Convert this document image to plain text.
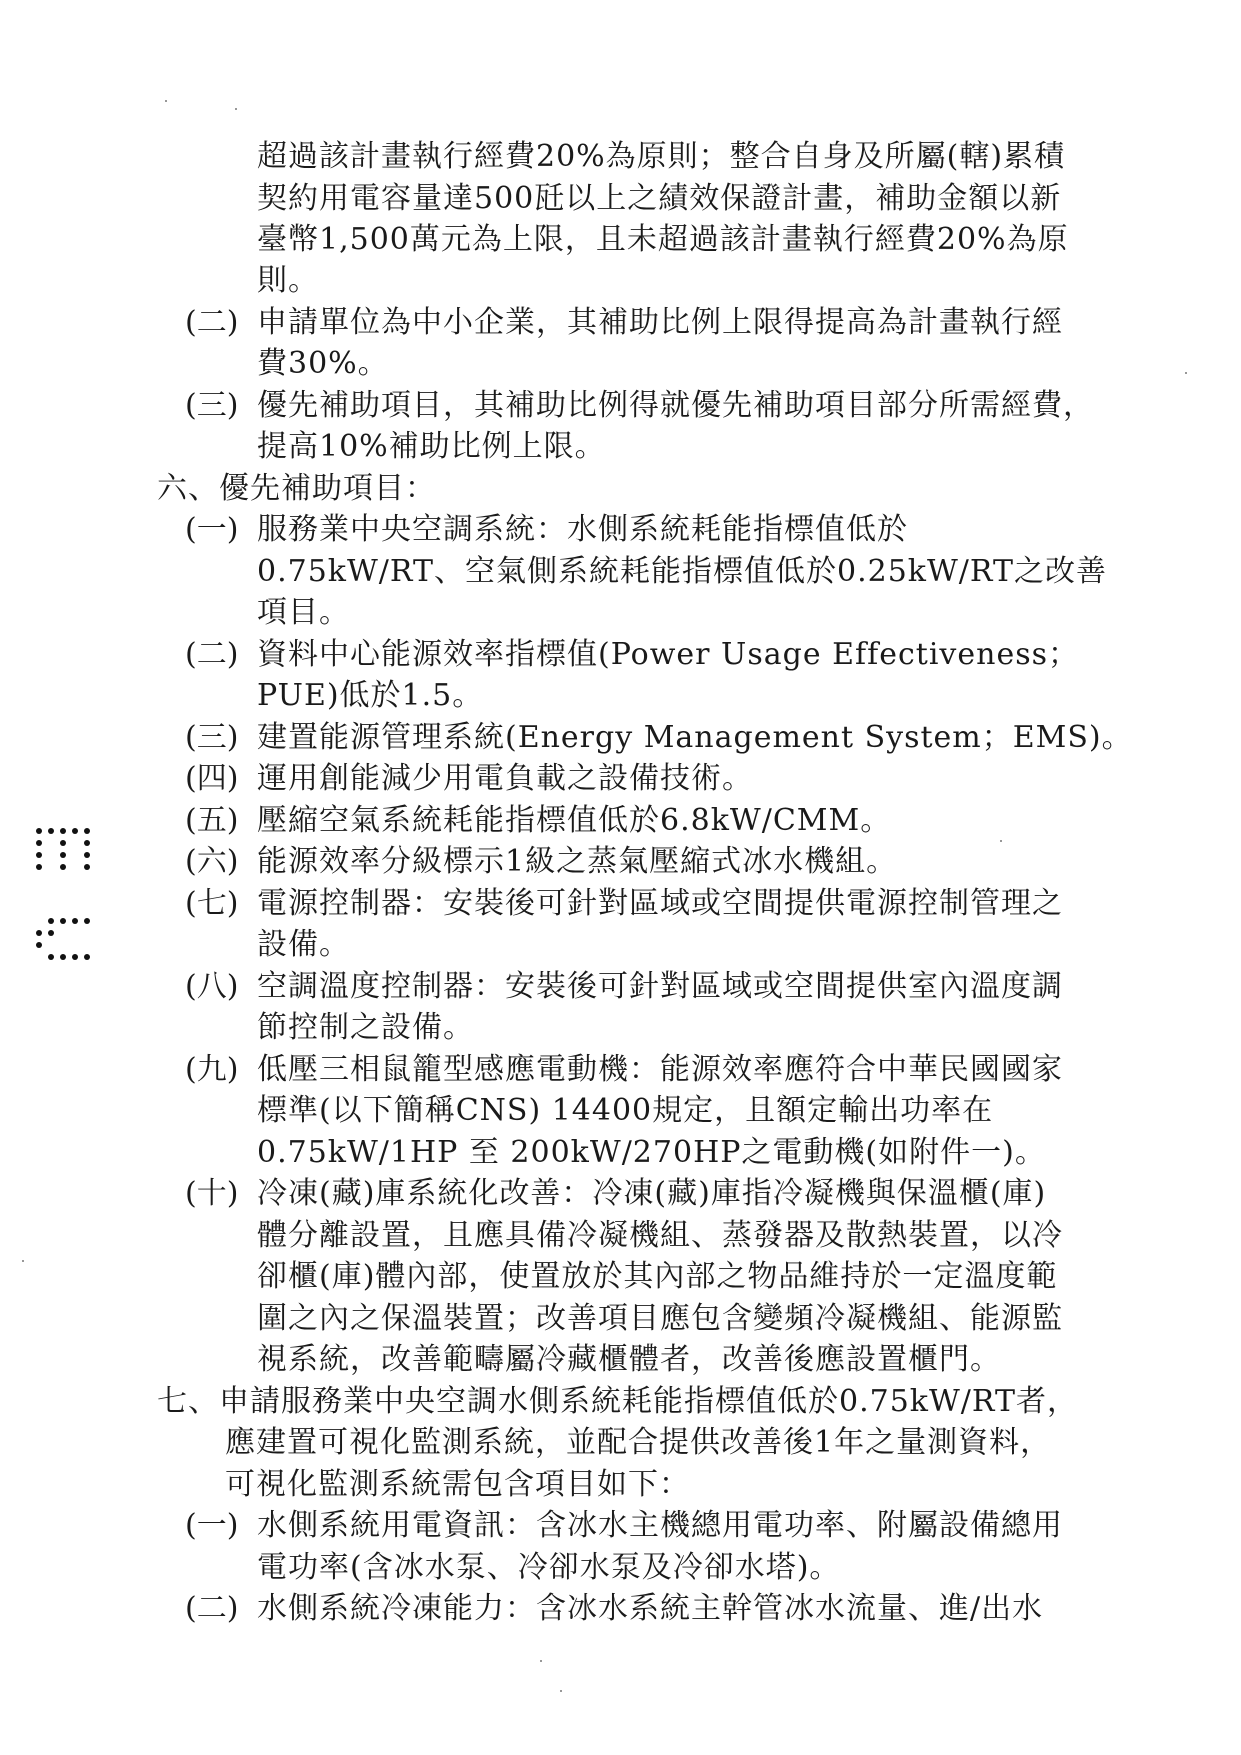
超過該計畫執行經費20%為原則；整合自身及所屬(轄)累積
契約用電容量達500瓩以上之績效保證計畫，補助金額以新
臺幣1,500萬元為上限，且未超過該計畫執行經費20%為原
則。
(二) 申請單位為中小企業，其補助比例上限得提高為計畫執行經
費30%。
(三) 優先補助項目，其補助比例得就優先補助項目部分所需經費，
提高10%補助比例上限。
六、優先補助項目：
(一) 服務業中央空調系統：水側系統耗能指標值低於
0.75kW/RT、空氣側系統耗能指標值低於0.25kW/RT之改善
項目。
(二) 資料中心能源效率指標值(Power Usage Effectiveness；
PUE)低於1.5。
(三) 建置能源管理系統(Energy Management System；EMS)。
(四) 運用創能減少用電負載之設備技術。
(五) 壓縮空氣系統耗能指標值低於6.8kW/CMM。
(六) 能源效率分級標示1級之蒸氣壓縮式冰水機組。
(七) 電源控制器：安裝後可針對區域或空間提供電源控制管理之
設備。
(八) 空調溫度控制器：安裝後可針對區域或空間提供室內溫度調
節控制之設備。
(九) 低壓三相鼠籠型感應電動機：能源效率應符合中華民國國家
標準(以下簡稱CNS) 14400規定，且額定輸出功率在
0.75kW/1HP 至 200kW/270HP之電動機(如附件一)。
(十) 冷凍(藏)庫系統化改善：冷凍(藏)庫指冷凝機與保溫櫃(庫)
體分離設置，且應具備冷凝機組、蒸發器及散熱裝置，以冷
卻櫃(庫)體內部，使置放於其內部之物品維持於一定溫度範
圍之內之保溫裝置；改善項目應包含變頻冷凝機組、能源監
視系統，改善範疇屬冷藏櫃體者，改善後應設置櫃門。
七、申請服務業中央空調水側系統耗能指標值低於0.75kW/RT者，
應建置可視化監測系統，並配合提供改善後1年之量測資料，
可視化監測系統需包含項目如下：
(一) 水側系統用電資訊：含冰水主機總用電功率、附屬設備總用
電功率(含冰水泵、冷卻水泵及冷卻水塔)。
(二) 水側系統冷凍能力：含冰水系統主幹管冰水流量、進/出水
